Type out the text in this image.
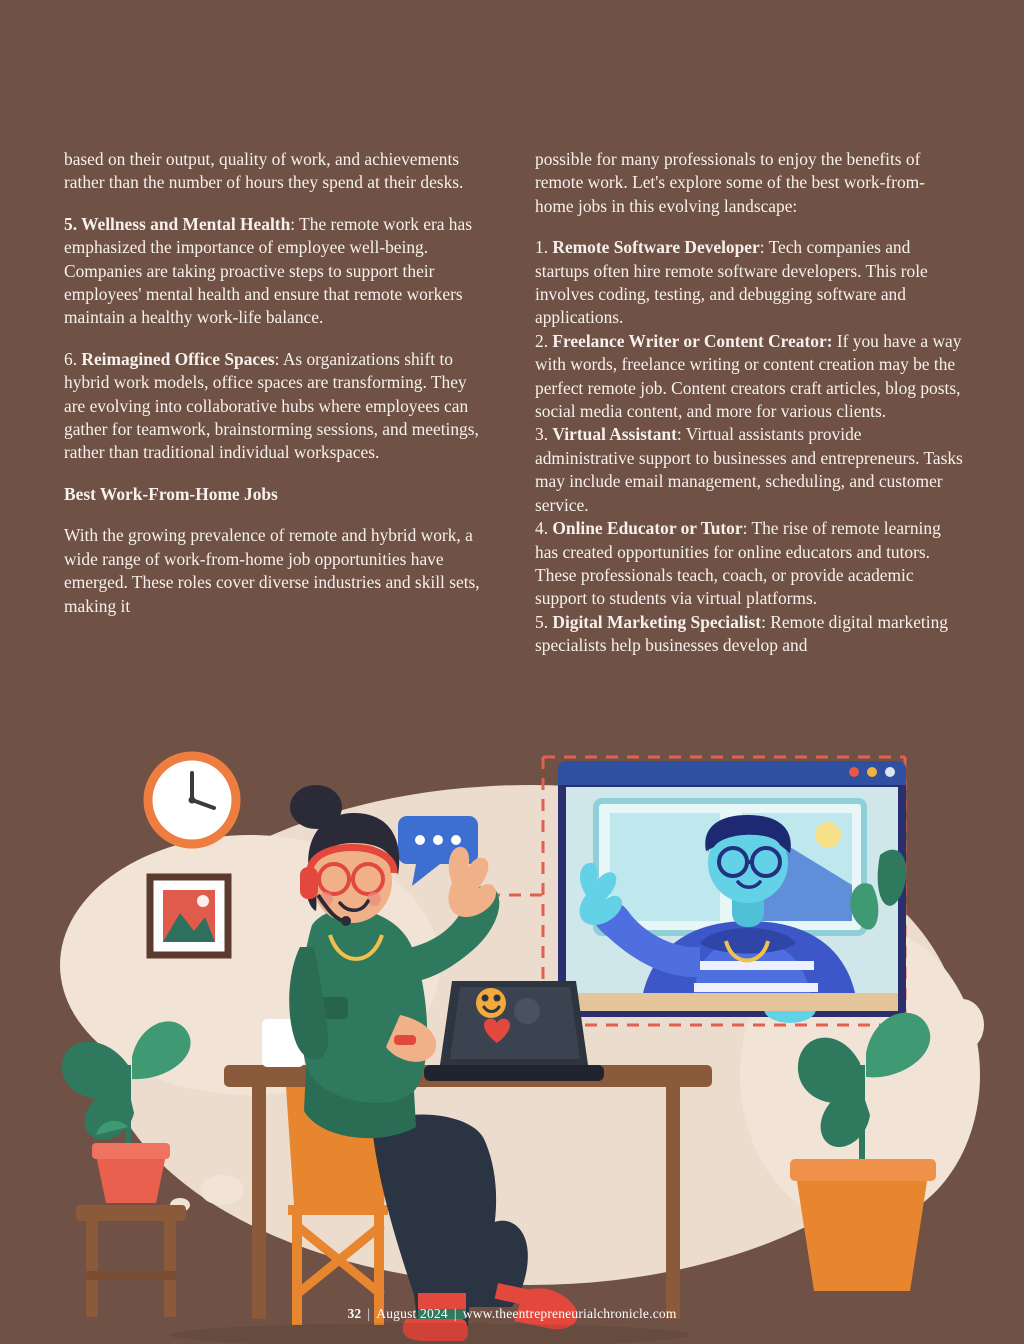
based on their output, quality of work, and achievements rather than the number of hours they spend at their desks.

5. Wellness and Mental Health: The remote work era has emphasized the importance of employee well-being. Companies are taking proactive steps to support their employees' mental health and ensure that remote workers maintain a healthy work-life balance.

6. Reimagined Office Spaces: As organizations shift to hybrid work models, office spaces are transforming. They are evolving into collaborative hubs where employees can gather for teamwork, brainstorming sessions, and meetings, rather than traditional individual workspaces.

Best Work-From-Home Jobs

With the growing prevalence of remote and hybrid work, a wide range of work-from-home job opportunities have emerged. These roles cover diverse industries and skill sets, making it

possible for many professionals to enjoy the benefits of remote work. Let's explore some of the best work-from-home jobs in this evolving landscape:

1. Remote Software Developer: Tech companies and startups often hire remote software developers. This role involves coding, testing, and debugging software and applications.

2. Freelance Writer or Content Creator: If you have a way with words, freelance writing or content creation may be the perfect remote job. Content creators craft articles, blog posts, social media content, and more for various clients.

3. Virtual Assistant: Virtual assistants provide administrative support to businesses and entrepreneurs. Tasks may include email management, scheduling, and customer service.

4. Online Educator or Tutor: The rise of remote learning has created opportunities for online educators and tutors. These professionals teach, coach, or provide academic support to students via virtual platforms.

5. Digital Marketing Specialist: Remote digital marketing specialists help businesses develop and

32 | August 2024 | www.theentrepreneurialchronicle.com
